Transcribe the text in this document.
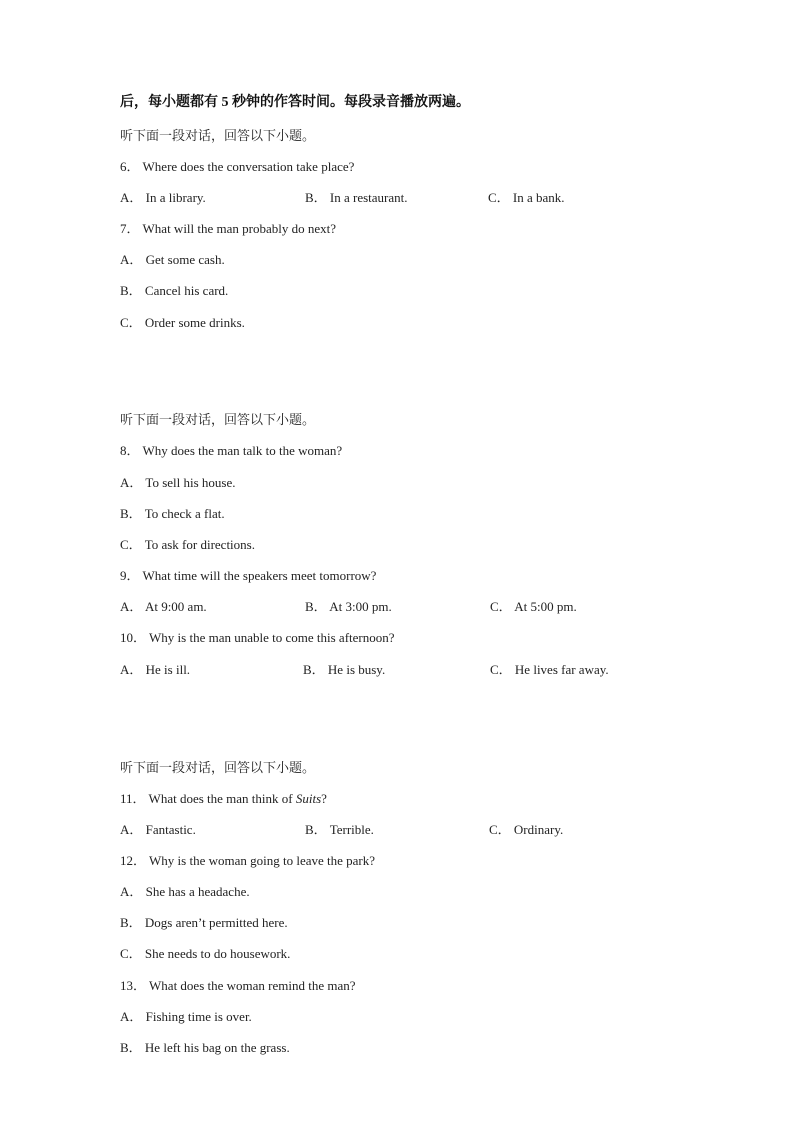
后，每小题都有 5 秒钟的作答时间。每段录音播放两遍。
听下面一段对话，回答以下小题。
6． Where does the conversation take place?
A． In a library.	B． In a restaurant.	C． In a bank.
7． What will the man probably do next?
A． Get some cash.
B． Cancel his card.
C． Order some drinks.
听下面一段对话，回答以下小题。
8． Why does the man talk to the woman?
A． To sell his house.
B． To check a flat.
C． To ask for directions.
9． What time will the speakers meet tomorrow?
A． At 9:00 am.	B． At 3:00 pm.	C． At 5:00 pm.
10． Why is the man unable to come this afternoon?
A． He is ill.	B． He is busy.	C． He lives far away.
听下面一段对话，回答以下小题。
11． What does the man think of Suits?
A． Fantastic.	B． Terrible.	C． Ordinary.
12． Why is the woman going to leave the park?
A． She has a headache.
B． Dogs aren’t permitted here.
C． She needs to do housework.
13． What does the woman remind the man?
A． Fishing time is over.
B． He left his bag on the grass.
